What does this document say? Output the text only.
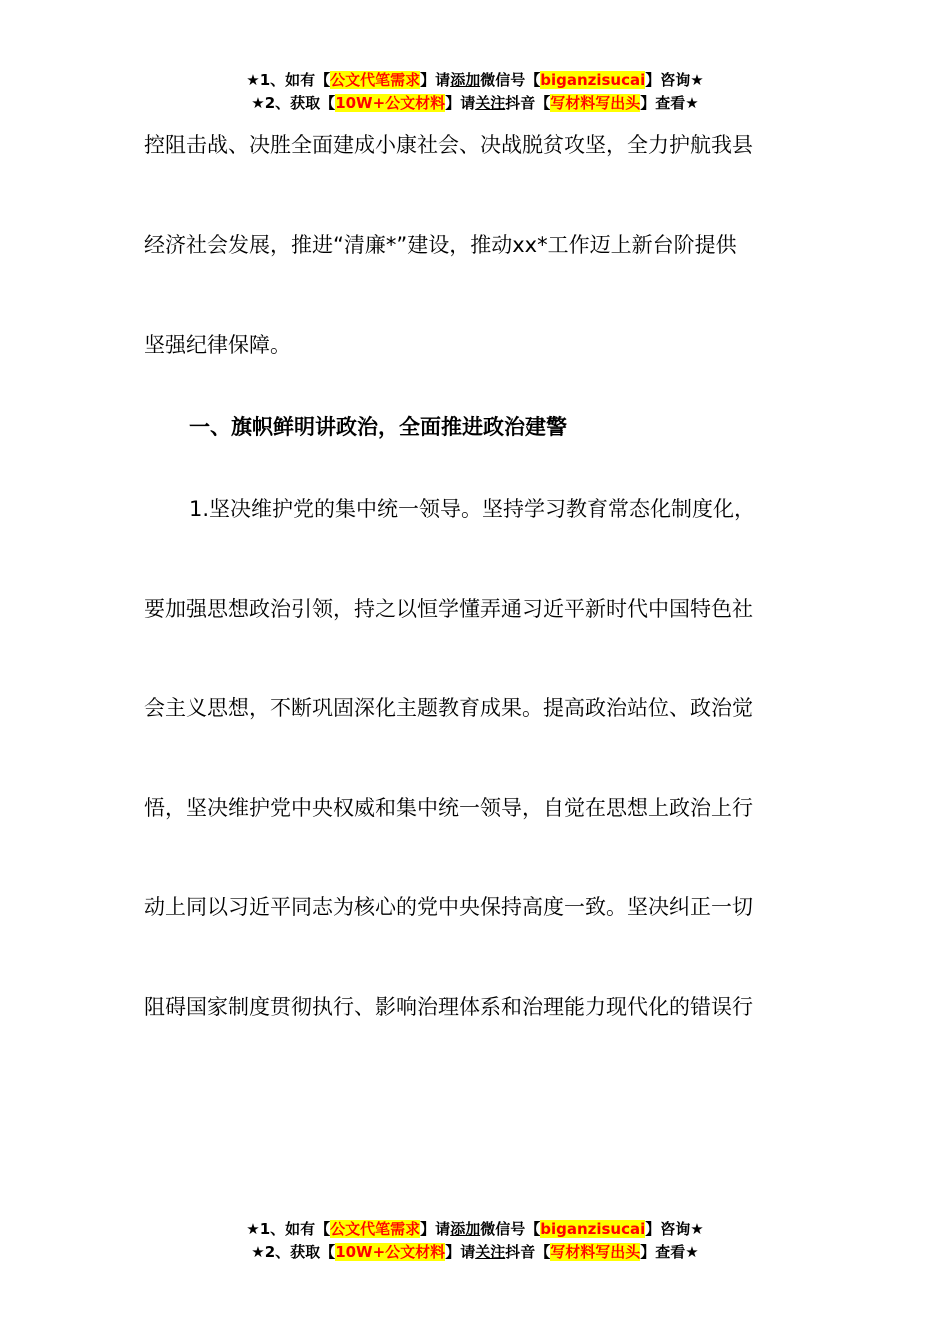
★1、如有【公文代笔需求】请添加微信号【biganzisucai】咨询★
★2、获取【10W+公文材料】请关注抖音【写材料写出头】查看★
控阻击战、决胜全面建成小康社会、决战脱贫攻坚，全力护航我县
经济社会发展，推进“清廉*”建设，推动xx*工作迈上新台阶提供
坚强纪律保障。
一、旗帜鲜明讲政治，全面推进政治建警
1.坚决维护党的集中统一领导。坚持学习教育常态化制度化，
要加强思想政治引领，持之以恒学懂弄通习近平新时代中国特色社
会主义思想，不断巩固深化主题教育成果。提高政治站位、政治觉
悟，坚决维护党中央权威和集中统一领导，自觉在思想上政治上行
动上同以习近平同志为核心的党中央保持高度一致。坚决纠正一切
阻碍国家制度贯彻执行、影响治理体系和治理能力现代化的错误行
★1、如有【公文代笔需求】请添加微信号【biganzisucai】咨询★
★2、获取【10W+公文材料】请关注抖音【写材料写出头】查看★
